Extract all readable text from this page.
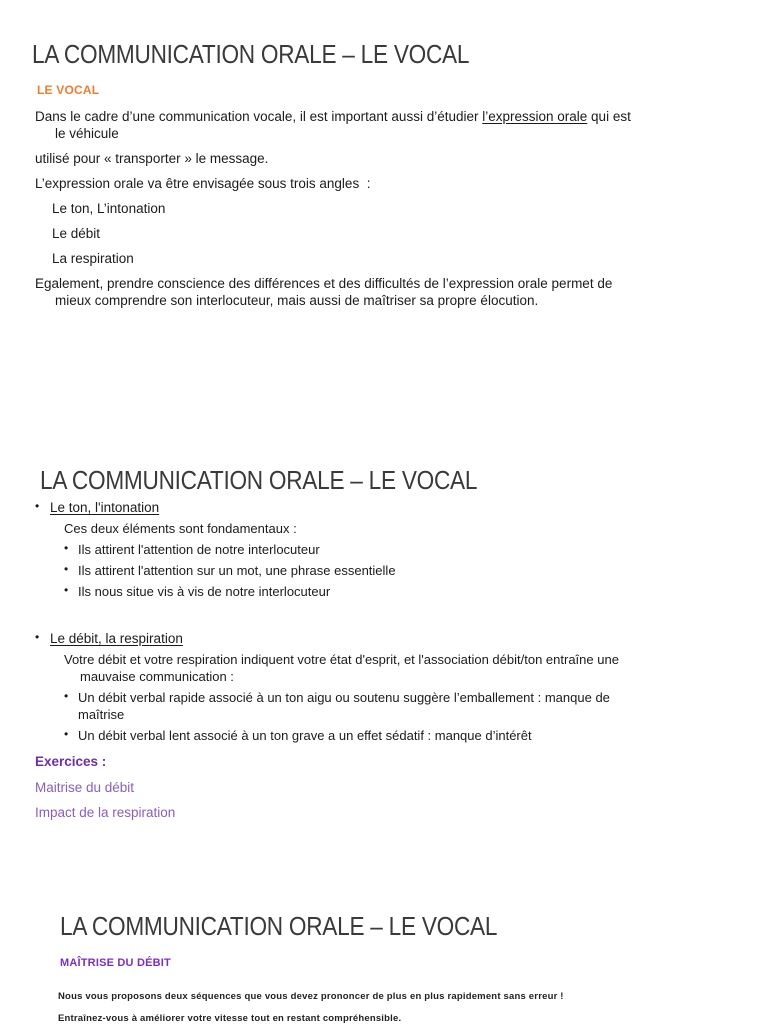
LA COMMUNICATION ORALE – LE VOCAL
LE VOCAL

Dans le cadre d’une communication vocale, il est important aussi d’étudier l’expression orale qui est
le véhicule

utilisé pour « transporter » le message.

L’expression orale va être envisagée sous trois angles  :

Le ton, L’intonation
Le débit
La respiration

Egalement, prendre conscience des différences et des difficultés de l’expression orale permet de
mieux comprendre son interlocuteur, mais aussi de maîtriser sa propre élocution.

LA COMMUNICATION ORALE – LE VOCAL
• Le ton, l'intonation
Ces deux éléments sont fondamentaux :
• Ils attirent l'attention de notre interlocuteur
• Ils attirent l'attention sur un mot, une phrase essentielle
• Ils nous situe vis à vis de notre interlocuteur
• Le débit, la respiration
Votre débit et votre respiration indiquent votre état d'esprit, et l'association débit/ton entraîne une
mauvaise communication :
• Un débit verbal rapide associé à un ton aigu ou soutenu suggère l’emballement : manque de
maîtrise
• Un débit verbal lent associé à un ton grave a un effet sédatif : manque d’intérêt
Exercices :
Maitrise du débit
Impact de la respiration
LA COMMUNICATION ORALE – LE VOCAL
MAÎTRISE DU DÉBIT

Nous vous proposons deux séquences que vous devez prononcer de plus en plus rapidement sans erreur !

Entraînez-vous à améliorer votre vitesse tout en restant compréhensible.
